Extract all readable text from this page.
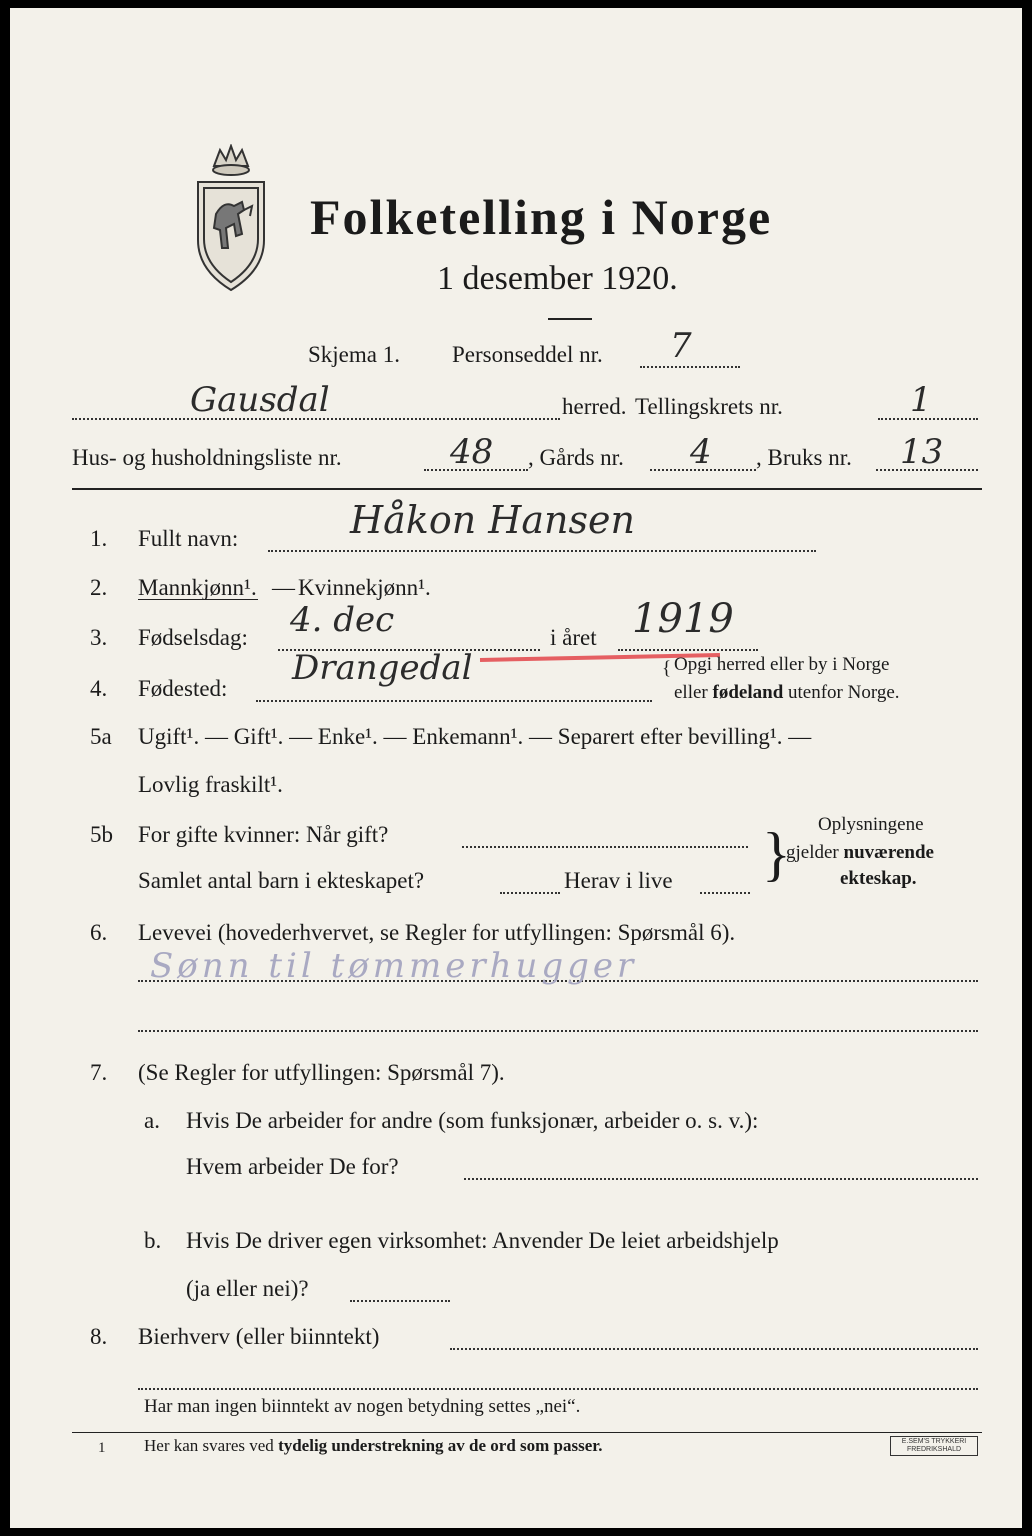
Folketelling i Norge
1 desember 1920.
Skjema 1. Personseddel nr. 7
Gausdal	herred. Tellingskrets nr.	1
Hus- og husholdningsliste nr.	48 , Gårds nr. 4 , Bruks nr. 13
1. Fullt navn:	Håkon Hansen
2. Mannkjønn¹. — Kvinnekjønn¹.
3. Fødselsdag: 4. dec	i året 1919
4. Fødested:
Drangedal	{ Opgi herred eller by i Norge
eller fødeland utenfor Norge.
5a Ugift¹. — Gift¹. — Enke¹. — Enkemann¹. — Separert efter bevilling¹. —
Lovlig fraskilt¹.
5b For gifte kvinner: Når gift?
Samlet antal barn i ekteskapet?	Herav i live } Oplysningene
gjelder nuværende
ekteskap.
6. Levevei (hovederhvervet, se Regler for utfyllingen: Spørsmål 6).
Sønn til tømmerhugger
7. (Se Regler for utfyllingen: Spørsmål 7).
a. Hvis De arbeider for andre (som funksjonær, arbeider o. s. v.):
Hvem arbeider De for?
b. Hvis De driver egen virksomhet: Anvender De leiet arbeidshjelp
(ja eller nei)?
8. Bierhverv (eller biinntekt)
Har man ingen biinntekt av nogen betydning settes „nei“.
1 Her kan svares ved tydelig understrekning av de ord som passer.	E.SEM'S TRYKKERI
FREDRIKSHALD
